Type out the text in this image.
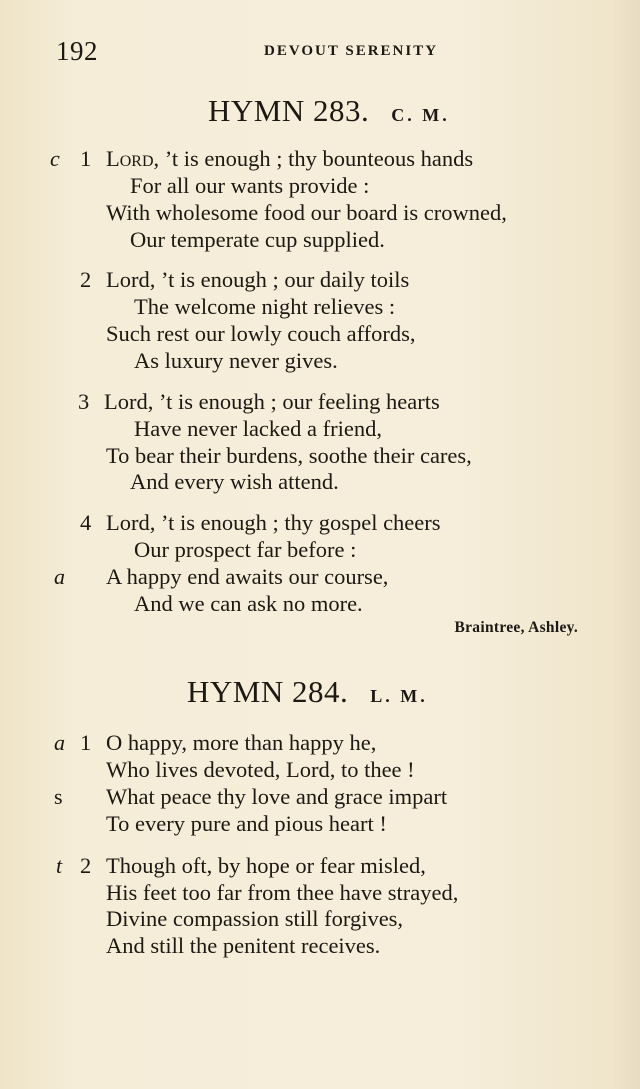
192	DEVOUT SERENITY
HYMN 283. C. M.
c 1 Lord, ’t is enough ; thy bounteous hands
For all our wants provide :
With wholesome food our board is crowned,
Our temperate cup supplied.
2 Lord, ’t is enough ; our daily toils
The welcome night relieves :
Such rest our lowly couch affords,
As luxury never gives.
3 Lord, ’t is enough ; our feeling hearts
Have never lacked a friend,
To bear their burdens, soothe their cares,
And every wish attend.
4 Lord, ’t is enough ; thy gospel cheers
Our prospect far before :
a A happy end awaits our course,
And we can ask no more.
Braintree, Ashley.
HYMN 284. L. M.
a 1 O happy, more than happy he,
Who lives devoted, Lord, to thee !
s What peace thy love and grace impart
To every pure and pious heart !
t 2 Though oft, by hope or fear misled,
His feet too far from thee have strayed,
Divine compassion still forgives,
And still the penitent receives.
